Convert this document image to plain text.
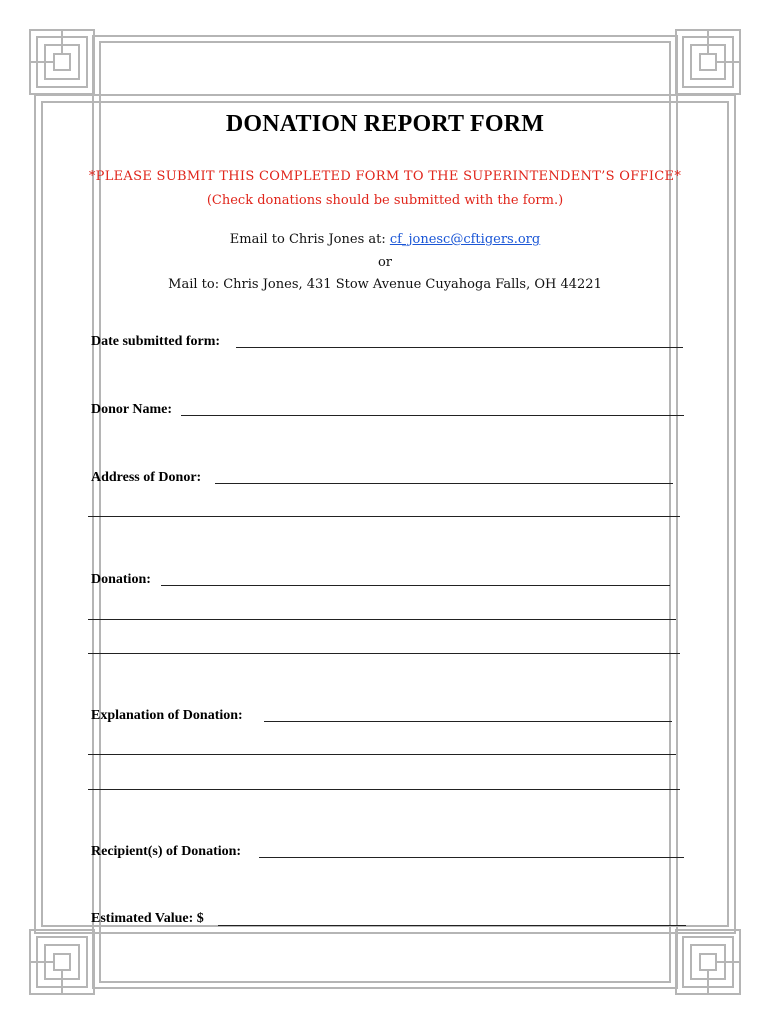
DONATION REPORT FORM
*PLEASE SUBMIT THIS COMPLETED FORM TO THE SUPERINTENDENT’S OFFICE*
(Check donations should be submitted with the form.)
Email to Chris Jones at: cf_jonesc@cftigers.org
or
Mail to: Chris Jones, 431 Stow Avenue Cuyahoga Falls, OH 44221
Date submitted form:
Donor Name:
Address of Donor:
Donation:
Explanation of Donation:
Recipient(s) of Donation:
Estimated Value: $
